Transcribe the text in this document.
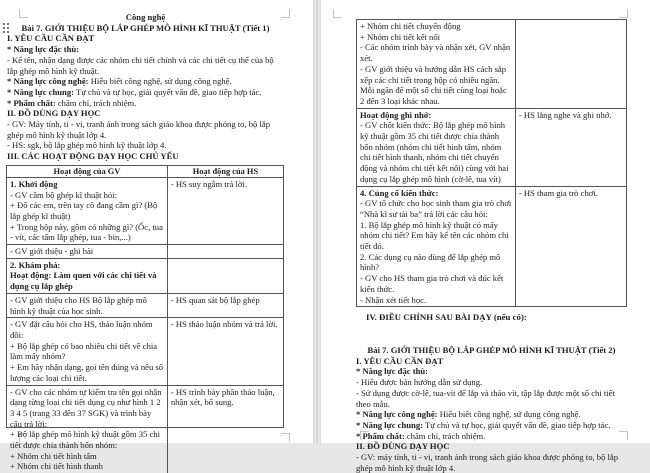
Công nghệ

Bài 7. GIỚI THIỆU BỘ LẮP GHÉP MÔ HÌNH KĨ THUẬT (Tiết 1)

I. YÊU CẦU CẦN ĐẠT

* Năng lực đặc thù:

- Kể tên, nhận dạng được các nhóm chi tiết chính và các chi tiết cụ thể của bộ lắp ghép mô hình kỹ thuật.

* Năng lực công nghệ: Hiểu biết công nghệ, sử dụng công nghệ.

* Năng lực chung: Tự chủ và tự học, giải quyết vấn đề, giao tiếp hợp tác.

* Phẩm chất: chăm chỉ, trách nhiệm.

II. ĐỒ DÙNG DẠY HỌC

- GV: Máy tính, ti - vi, tranh ảnh trong sách giáo khoa được phóng to, bộ lắp ghép mô hình kỹ thuật lớp 4.

- HS: sgk, bộ lắp ghép mô hình kỹ thuật lớp 4.

III. CÁC HOẠT ĐỘNG DẠY HỌC CHỦ YẾU

Hoạt động của GV	Hoạt động của HS

1. Khởi động

- GV cầm bộ ghép kĩ thuật hỏi:

+ Đố các em, trên tay cô đang cầm gì? (Bộ lắp ghép kĩ thuật)

+ Trong hộp này, gồm có những gì? (Ốc, tua - vít, các tấm lắp ghép, tua - bin,...)

- HS suy ngẫm trả lời.

- GV giới thiệu - ghi bài

2. Khám phá:

Hoạt động: Làm quen với các chi tiết và dụng cụ lắp ghép

- GV giới thiệu cho HS Bộ lắp ghép mô hình kỹ thuật của học sinh.

- HS quan sát bộ lắp ghép

- GV đặt câu hỏi cho HS, thảo luận nhóm đôi:

+ Bộ lắp ghép có bao nhiêu chi tiết về chia làm mấy nhóm?

+ Em hãy nhận dạng, gọi tên đúng và nêu số lượng các loại chi tiết.

- HS thảo luận nhóm và trả lời.

- GV cho các nhóm tự kiểm tra tên gọi nhận dạng từng loại chi tiết dụng cụ như hình 1 2 3 4 5 (trang 33 đến 37 SGK) và trình bày câu trả lời:

+ Bộ lắp ghép mô hình kỹ thuật gồm 35 chi tiết được chia thành bốn nhóm:

+ Nhóm chi tiết hình tấm

+ Nhóm chi tiết hình thanh

- HS trình bày phần thảo luận, nhận xét, bổ sung.

+ Nhóm chi tiết chuyển động

+ Nhóm chi tiết kết nối

- Các nhóm trình bày và nhận xét, GV nhận xét.

- GV giới thiệu và hướng dẫn HS cách sắp xếp các chi tiết trong hộp có nhiều ngăn. Mỗi ngăn để một số chi tiết cùng loại hoặc 2 đến 3 loại khác nhau.

Hoạt động ghi nhớ:

- GV chốt kiến thức: Bộ lắp ghép mô hình kỹ thuật gồm 35 chi tiết được chia thành bốn nhóm (nhóm chi tiết hình tấm, nhóm chi tiết hình thanh, nhóm chi tiết chuyển động và nhóm chi tiết kết nối) cùng với hai dụng cụ lắp ghép mô hình (cờ-lê, tua vít)

- HS lắng nghe và ghi nhớ.

4. Củng cố kiến thức:

- GV tổ chức cho học sinh tham gia trò chơi “Nhà kĩ sư tài ba” trả lời các câu hỏi:

1. Bộ lắp ghép mô hình kỹ thuật có mấy nhóm chi tiết? Em hãy kể tên các nhóm chi tiết đó.

2. Các dụng cụ nào dùng để lắp ghép mô hình?

- GV cho HS tham gia trò chơi và đúc kết kiến thức.

- Nhận xét tiết học.

- HS tham gia trò chơi.

IV. ĐIỀU CHỈNH SAU BÀI DẠY (nếu có):

Bài 7. GIỚI THIỆU BỘ LẮP GHÉP MÔ HÌNH KĨ THUẬT (Tiết 2)

I. YÊU CẦU CẦN ĐẠT

* Năng lực đặc thù:

- Hiểu được bản hướng dẫn sử dụng.

- Sử dụng được cờ-lê, tua-vít để lắp và tháo vít, tập lắp được một số chi tiết theo mẫu.

* Năng lực công nghệ: Hiểu biết công nghệ, sử dụng công nghệ.

* Năng lực chung: Tự chủ và tự học, giải quyết vấn đề, giao tiếp hợp tác.

* Phẩm chất: chăm chỉ, trách nhiệm.

II. ĐỒ DÙNG DẠY HỌC

- GV: máy tính, ti - vi, tranh ảnh trong sách giáo khoa được phóng to, bộ lắp ghép mô hình kỹ thuật lớp 4.
